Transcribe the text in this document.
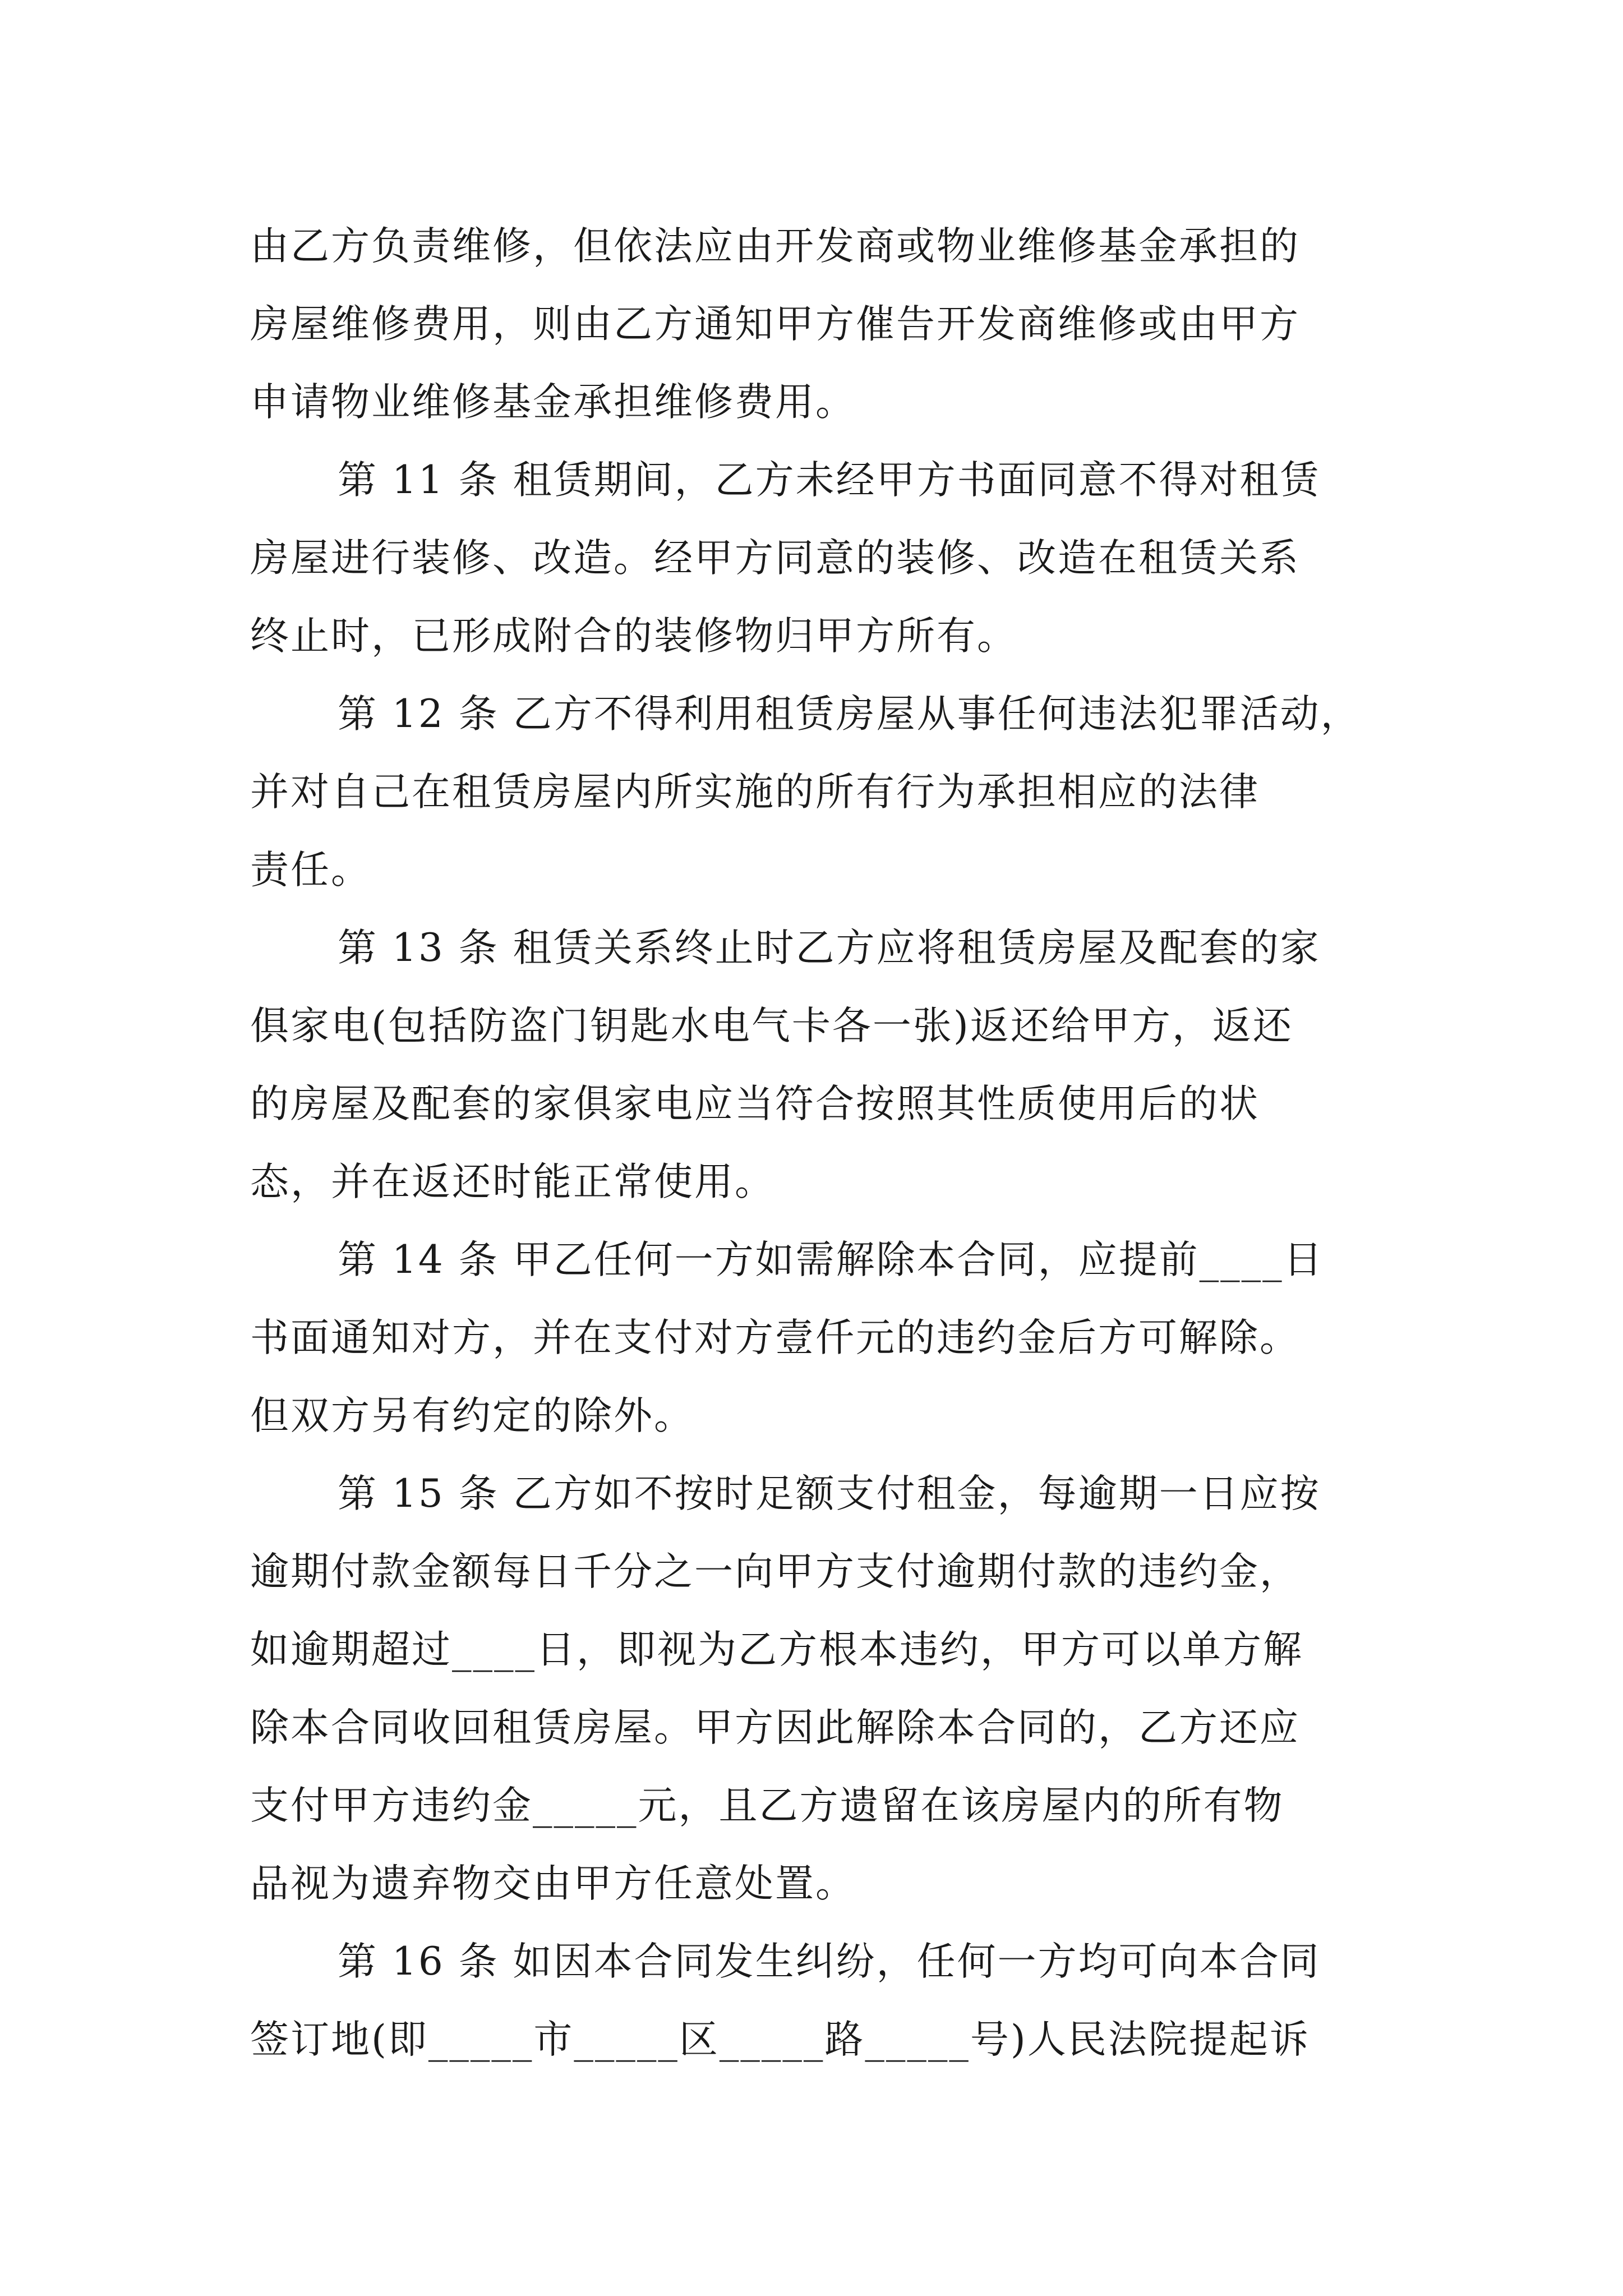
由乙方负责维修，但依法应由开发商或物业维修基金承担的
房屋维修费用，则由乙方通知甲方催告开发商维修或由甲方
申请物业维修基金承担维修费用。
第 11 条 租赁期间，乙方未经甲方书面同意不得对租赁
房屋进行装修、改造。经甲方同意的装修、改造在租赁关系
终止时，已形成附合的装修物归甲方所有。
第 12 条 乙方不得利用租赁房屋从事任何违法犯罪活动，
并对自己在租赁房屋内所实施的所有行为承担相应的法律
责任。
第 13 条 租赁关系终止时乙方应将租赁房屋及配套的家
俱家电(包括防盗门钥匙水电气卡各一张)返还给甲方，返还
的房屋及配套的家俱家电应当符合按照其性质使用后的状
态，并在返还时能正常使用。
第 14 条 甲乙任何一方如需解除本合同，应提前____日
书面通知对方，并在支付对方壹仟元的违约金后方可解除。
但双方另有约定的除外。
第 15 条 乙方如不按时足额支付租金，每逾期一日应按
逾期付款金额每日千分之一向甲方支付逾期付款的违约金，
如逾期超过____日，即视为乙方根本违约，甲方可以单方解
除本合同收回租赁房屋。甲方因此解除本合同的，乙方还应
支付甲方违约金_____元，且乙方遗留在该房屋内的所有物
品视为遗弃物交由甲方任意处置。
第 16 条 如因本合同发生纠纷，任何一方均可向本合同
签订地(即_____市_____区_____路_____号)人民法院提起诉
